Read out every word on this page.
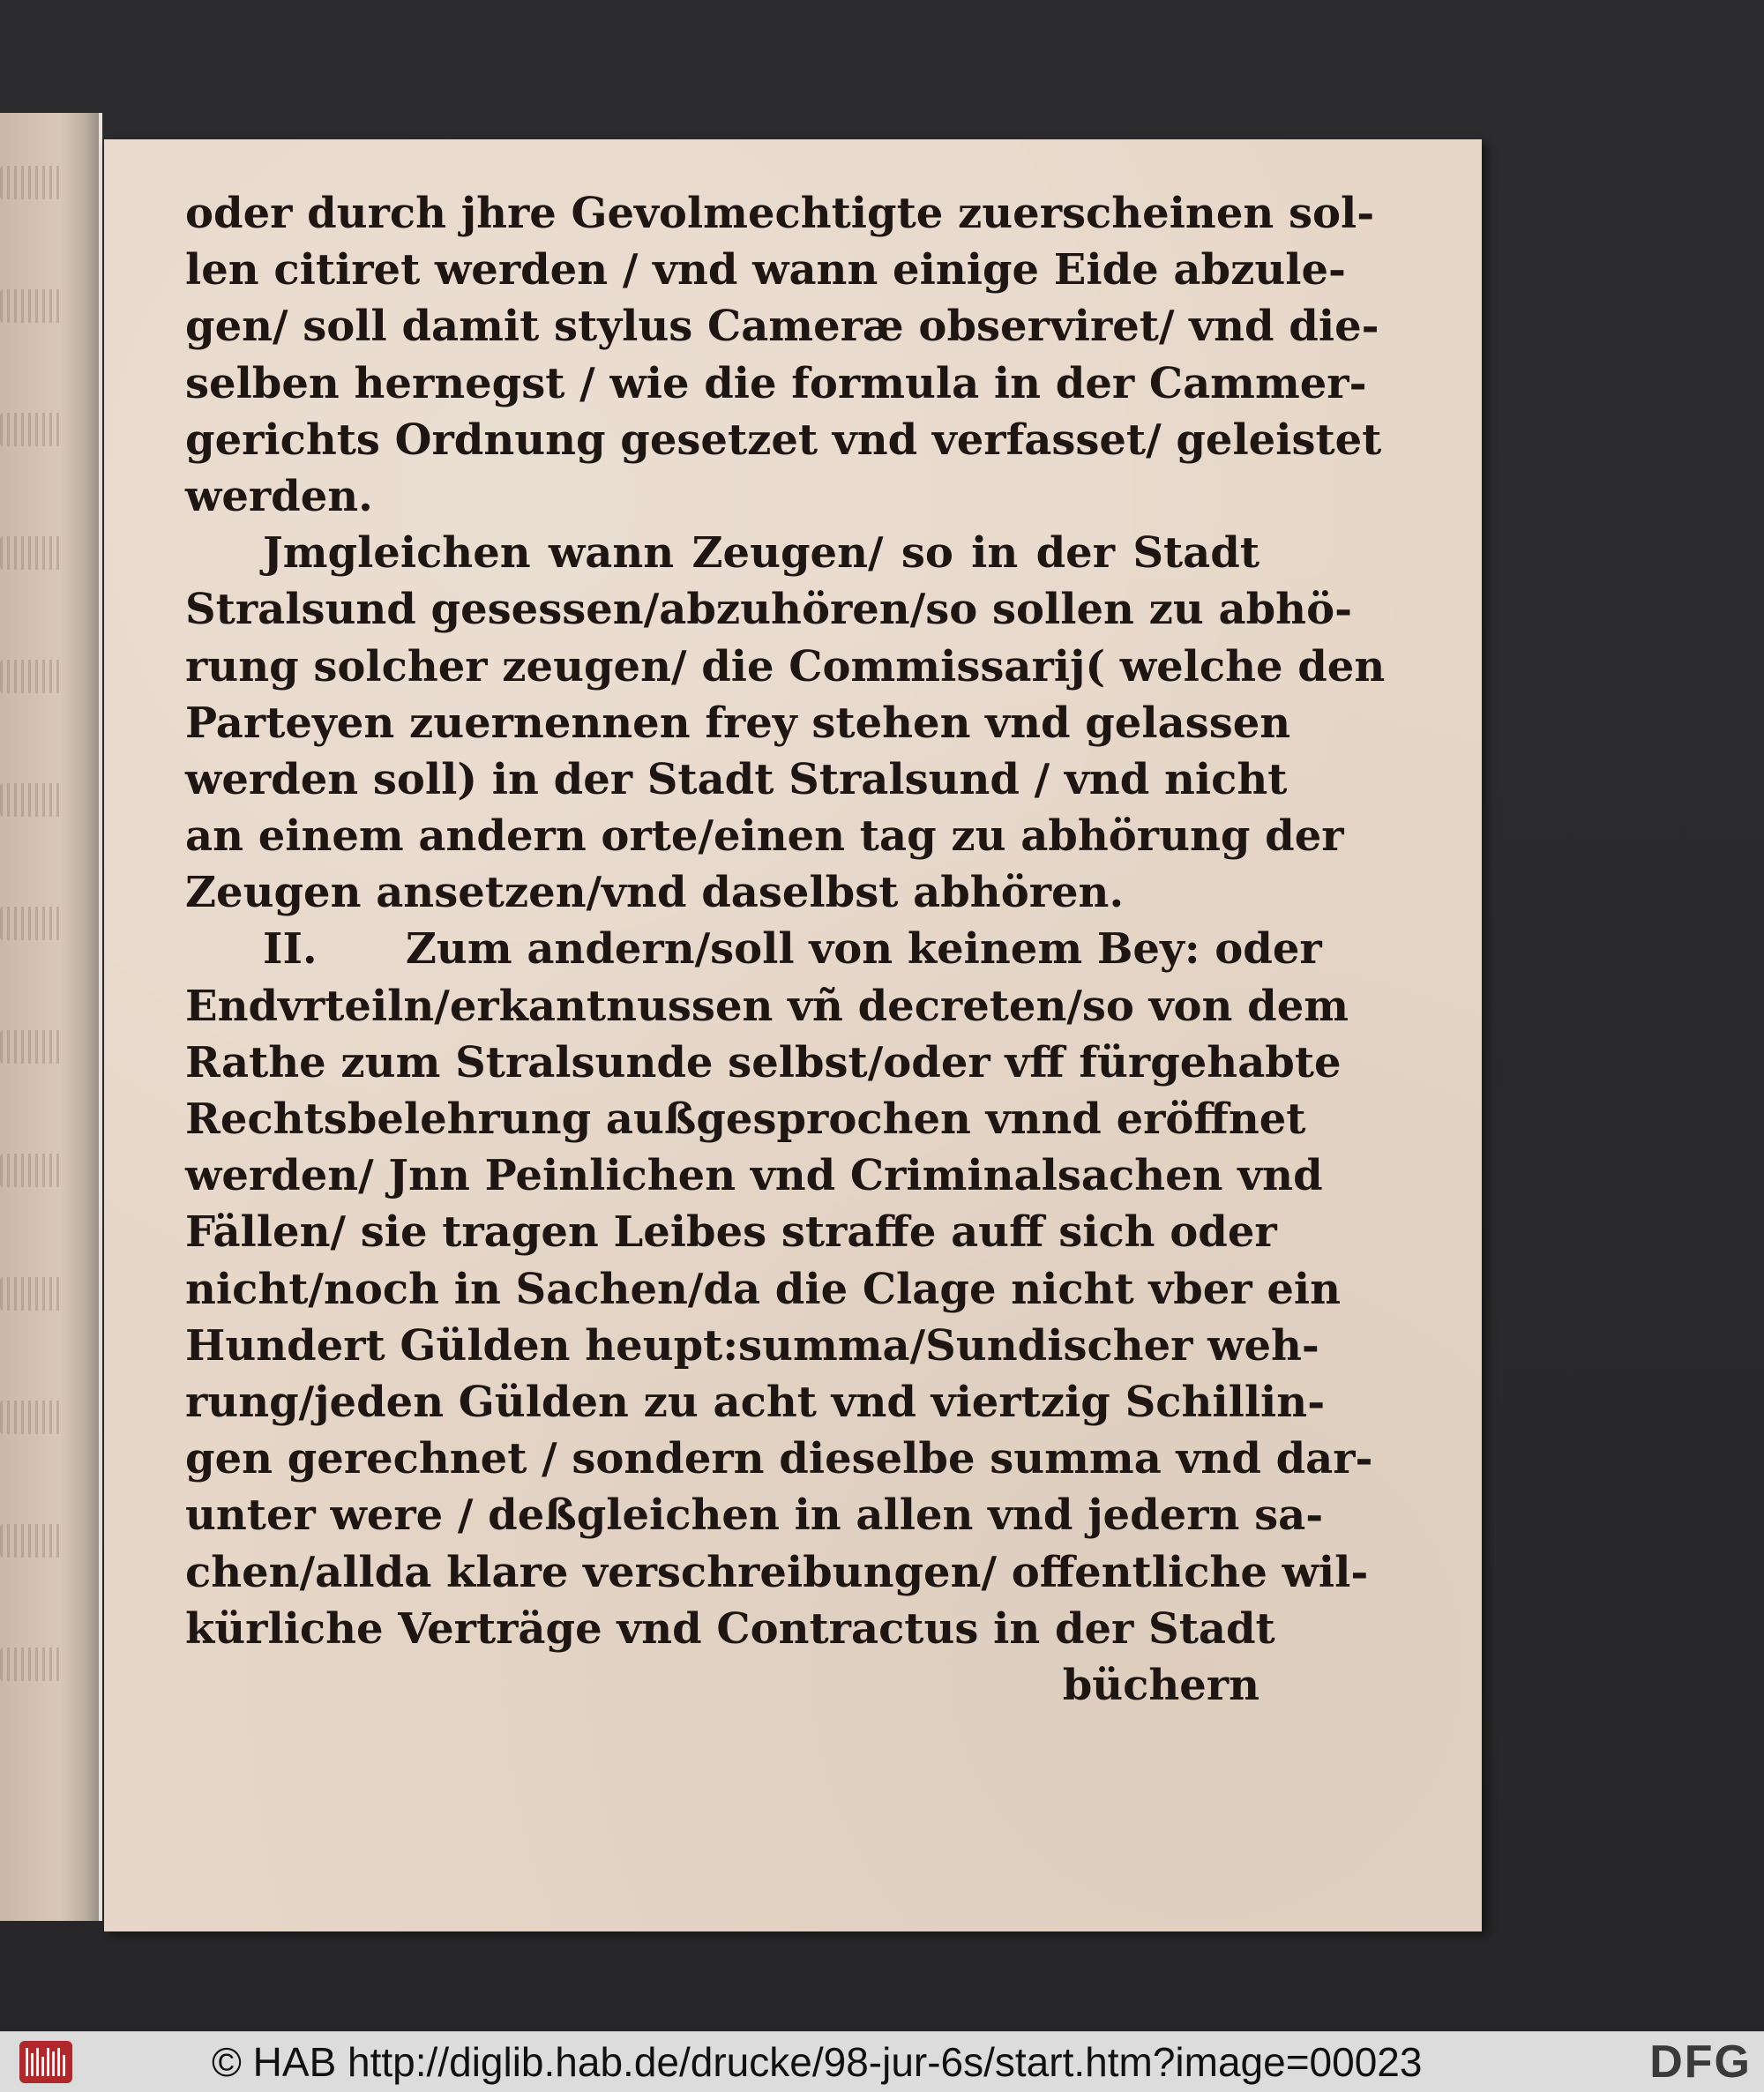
oder durch jhre Gevolmechtigte zuerscheinen sol-
len citiret werden / vnd wann einige Eide abzule-
gen/ soll damit stylus Cameræ observiret/ vnd die-
selben hernegst / wie die formula in der Cammer-
gerichts Ordnung gesetzet vnd verfasset/ geleistet
werden.
Jmgleichen wann Zeugen/ so in der Stadt
Stralsund gesessen/abzuhören/so sollen zu abhö-
rung solcher zeugen/ die Commissarij( welche den
Parteyen zuernennen frey stehen vnd gelassen
werden soll) in der Stadt Stralsund / vnd nicht
an einem andern orte/einen tag zu abhörung der
Zeugen ansetzen/vnd daselbst abhören.
II.      Zum andern/soll von keinem Bey: oder
Endvrteiln/erkantnussen vñ decreten/so von dem
Rathe zum Stralsunde selbst/oder vff fürgehabte
Rechtsbelehrung außgesprochen vnnd eröffnet
werden/ Jnn Peinlichen vnd Criminalsachen vnd
Fällen/ sie tragen Leibes straffe auff sich oder
nicht/noch in Sachen/da die Clage nicht vber ein
Hundert Gülden heupt:summa/Sundischer weh-
rung/jeden Gülden zu acht vnd viertzig Schillin-
gen gerechnet / sondern dieselbe summa vnd dar-
unter were / deßgleichen in allen vnd jedern sa-
chen/allda klare verschreibungen/ offentliche wil-
kürliche Verträge vnd Contractus in der Stadt
büchern
© HAB http://diglib.hab.de/drucke/98-jur-6s/start.htm?image=00023	DFG
